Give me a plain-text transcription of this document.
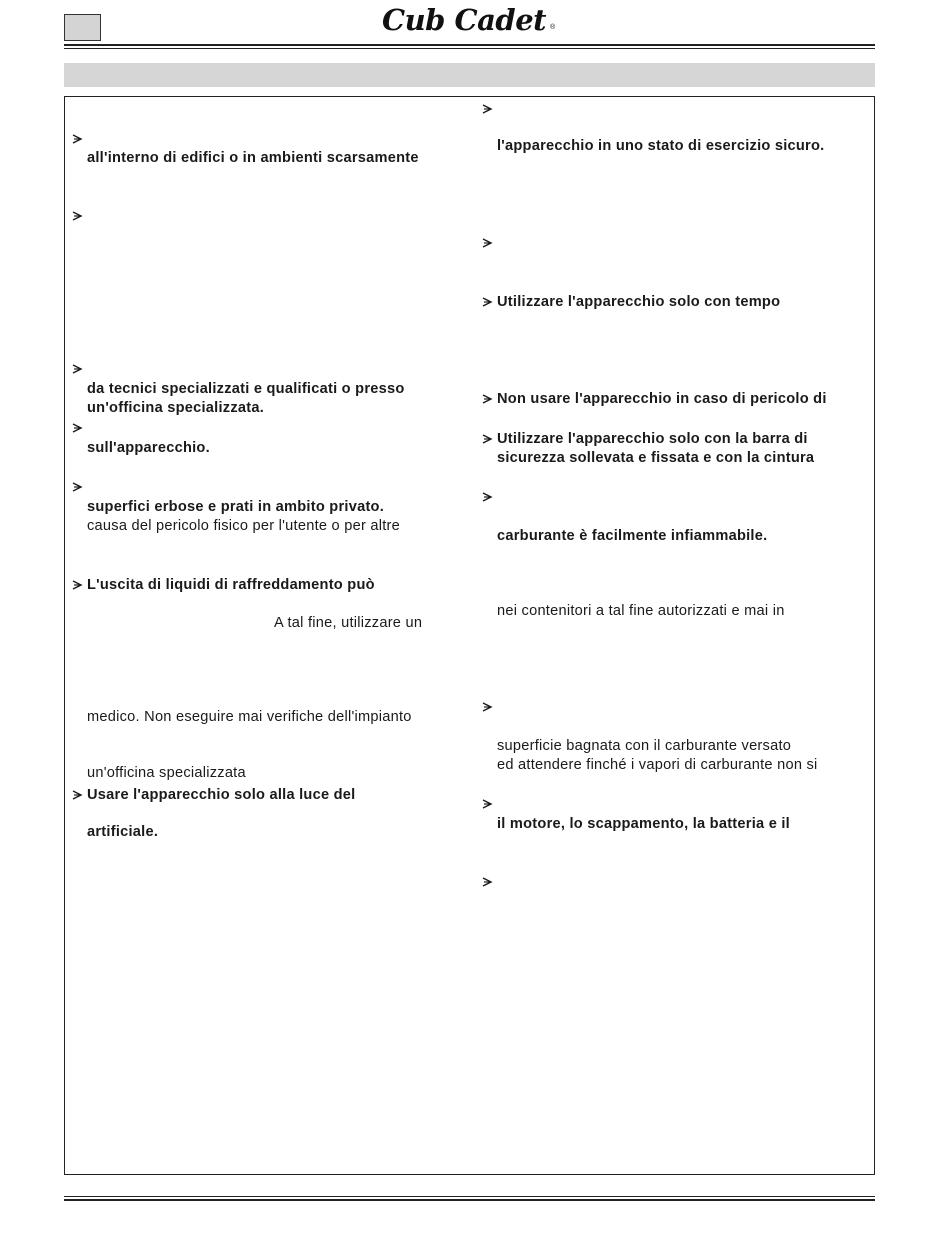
Cub Cadet ®
all'interno di edifici o in ambienti scarsamente
da tecnici specializzati e qualificati o presso
un'officina specializzata.
sull'apparecchio.
superfici erbose e prati in ambito privato.
causa del pericolo fisico per l'utente o per altre
L'uscita di liquidi di raffreddamento può
A tal fine, utilizzare un
medico. Non eseguire mai verifiche dell'impianto
un'officina specializzata
Usare l'apparecchio solo alla luce del
artificiale.
l'apparecchio in uno stato di esercizio sicuro.
Utilizzare l'apparecchio solo con tempo
Non usare l'apparecchio in caso di pericolo di
Utilizzare l'apparecchio solo con la barra di
sicurezza sollevata e fissata e con la cintura
carburante è facilmente infiammabile.
nei contenitori a tal fine autorizzati e mai in
superficie bagnata con il carburante versato
ed attendere finché i vapori di carburante non si
il motore, lo scappamento, la batteria e il
